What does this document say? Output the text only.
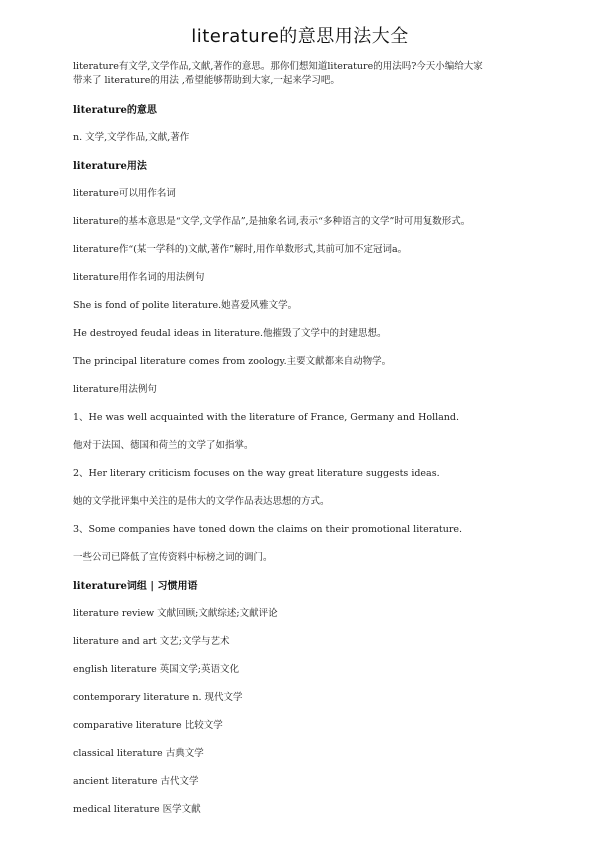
literature的意思用法大全
literature有文学,文学作品,文献,著作的意思。那你们想知道literature的用法吗?今天小编给大家
带来了 literature的用法 ,希望能够帮助到大家,一起来学习吧。
literature的意思
n. 文学,文学作品,文献,著作
literature用法
literature可以用作名词
literature的基本意思是“文学,文学作品”,是抽象名词,表示“多种语言的文学”时可用复数形式。
literature作“(某一学科的)文献,著作”解时,用作单数形式,其前可加不定冠词a。
literature用作名词的用法例句
She is fond of polite literature.她喜爱风雅文学。
He destroyed feudal ideas in literature.他摧毁了文学中的封建思想。
The principal literature comes from zoology.主要文献都来自动物学。
literature用法例句
1、He was well acquainted with the literature of France, Germany and Holland.
他对于法国、德国和荷兰的文学了如指掌。
2、Her literary criticism focuses on the way great literature suggests ideas.
她的文学批评集中关注的是伟大的文学作品表达思想的方式。
3、Some companies have toned down the claims on their promotional literature.
一些公司已降低了宣传资料中标榜之词的调门。
literature词组 | 习惯用语
literature review 文献回顾;文献综述;文献评论
literature and art 文艺;文学与艺术
english literature 英国文学;英语文化
contemporary literature n. 现代文学
comparative literature 比较文学
classical literature 古典文学
ancient literature 古代文学
medical literature 医学文献
